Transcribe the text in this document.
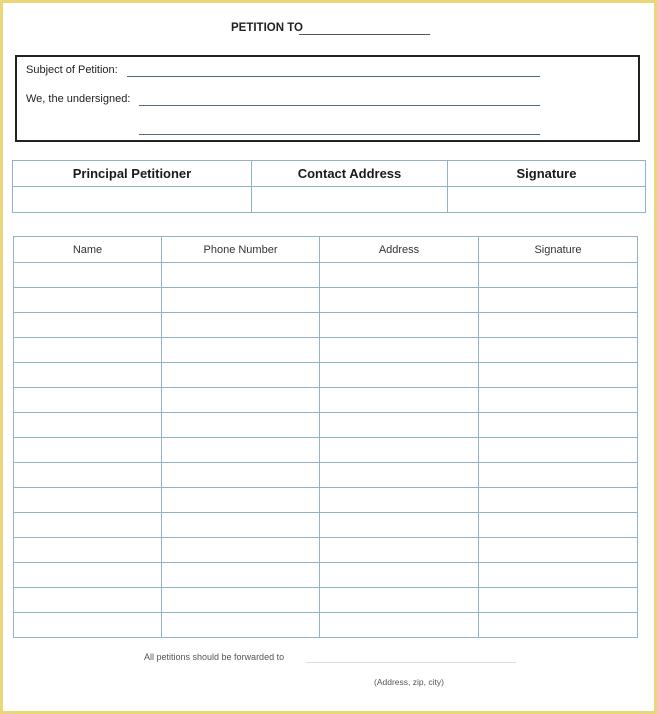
PETITION TO
Subject of Petition:
We, the undersigned:
Principal Petitioner	Contact Address	Signature

Name	Phone Number	Address	Signature

All petitions should be forwarded to
(Address, zip, city)
